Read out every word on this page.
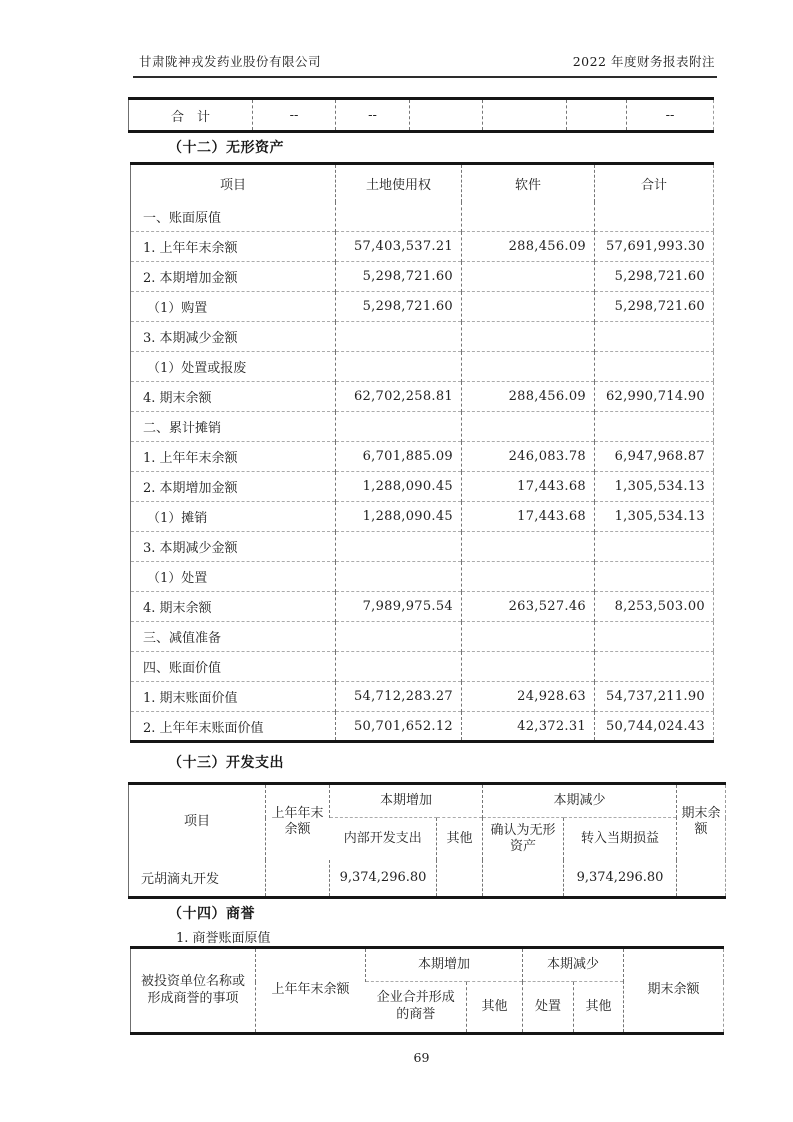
甘肃陇神戎发药业股份有限公司	2022 年度财务报表附注
合　计	--	--				--
（十二）无形资产
项目	土地使用权	软件	合计
一、账面原值			
1. 上年年末余额	57,403,537.21	288,456.09	57,691,993.30
2. 本期增加金额	5,298,721.60		5,298,721.60
（1）购置	5,298,721.60		5,298,721.60
3. 本期减少金额			
（1）处置或报废			
4. 期末余额	62,702,258.81	288,456.09	62,990,714.90
二、累计摊销			
1. 上年年末余额	6,701,885.09	246,083.78	6,947,968.87
2. 本期增加金额	1,288,090.45	17,443.68	1,305,534.13
（1）摊销	1,288,090.45	17,443.68	1,305,534.13
3. 本期减少金额			
（1）处置			
4. 期末余额	7,989,975.54	263,527.46	8,253,503.00
三、减值准备			
四、账面价值			
1. 期末账面价值	54,712,283.27	24,928.63	54,737,211.90
2. 上年年末账面价值	50,701,652.12	42,372.31	50,744,024.43
（十三）开发支出
项目	上年年末余额	本期增加		本期减少		期末余额
		内部开发支出	其他	确认为无形资产	转入当期损益	
元胡滴丸开发		9,374,296.80			9,374,296.80	
（十四）商誉
1. 商誉账面原值
被投资单位名称或形成商誉的事项	上年年末余额	本期增加		本期减少		期末余额
		企业合并形成的商誉	其他	处置	其他	
69
